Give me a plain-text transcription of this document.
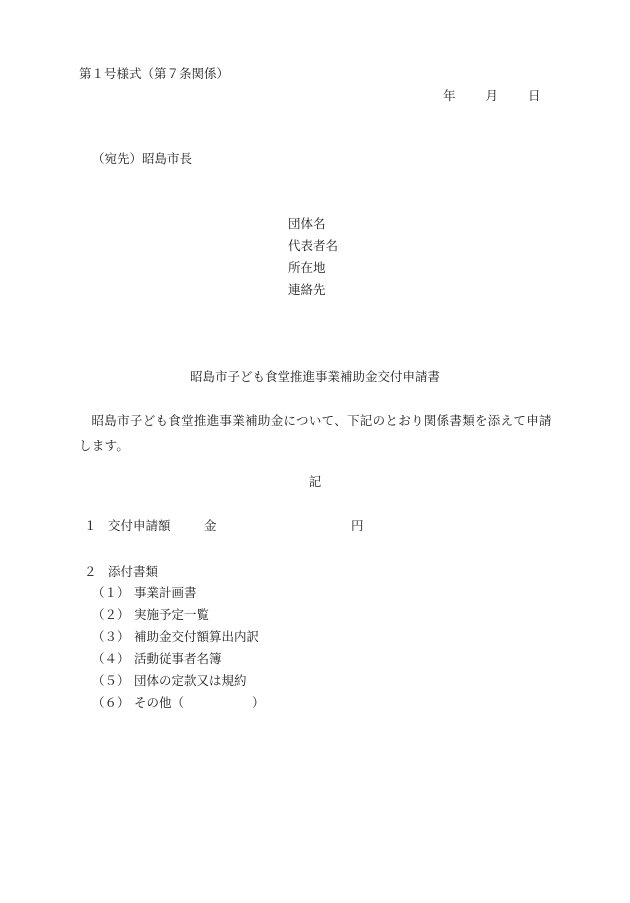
第１号様式（第７条関係）
年 月 日
（宛先）昭島市長
団体名
代表者名
所在地
連絡先
昭島市子ども食堂推進事業補助金交付申請書
昭島市子ども食堂推進事業補助金について、下記のとおり関係書類を添えて申請します。
記
１ 交付申請額	金	円
２ 添付書類
（１） 事業計画書
（２） 実施予定一覧
（３） 補助金交付額算出内訳
（４） 活動従事者名簿
（５） 団体の定款又は規約
（６） その他（	）
